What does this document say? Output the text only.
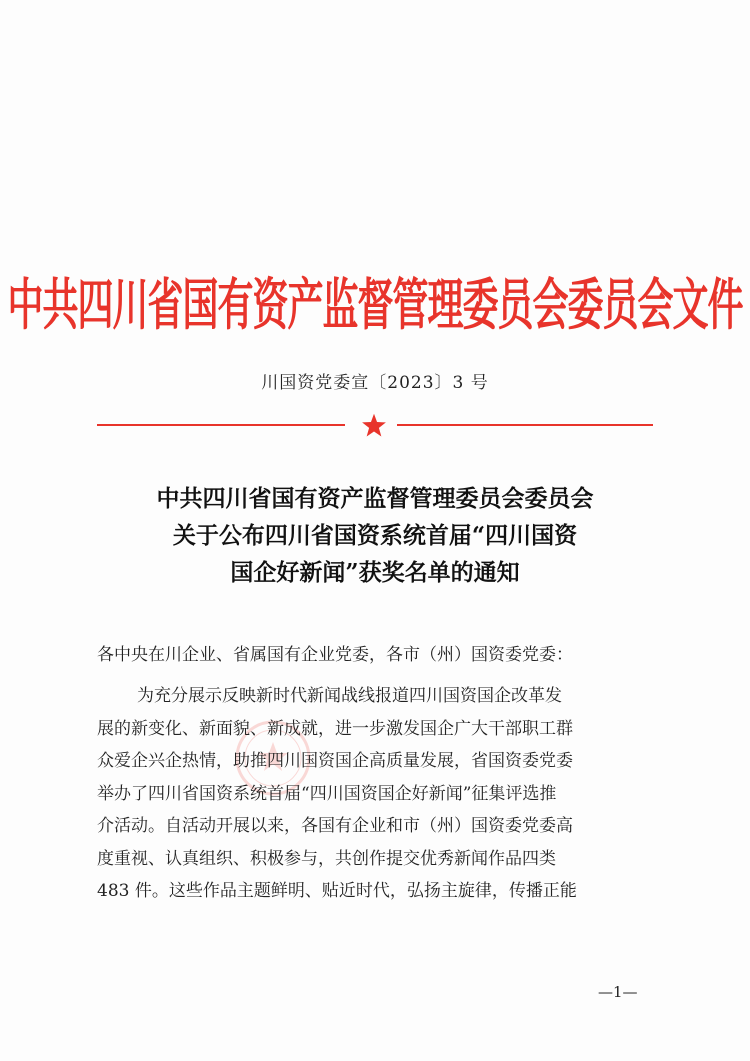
中共四川省国有资产监督管理委员会委员会文件
川国资党委宣〔2023〕3 号
中共四川省国有资产监督管理委员会委员会
关于公布四川省国资系统首届“四川国资
国企好新闻”获奖名单的通知
各中央在川企业、省属国有企业党委，各市（州）国资委党委：
为充分展示反映新时代新闻战线报道四川国资国企改革发
展的新变化、新面貌、新成就，进一步激发国企广大干部职工群
众爱企兴企热情，助推四川国资国企高质量发展，省国资委党委
举办了四川省国资系统首届“四川国资国企好新闻”征集评选推
介活动。自活动开展以来，各国有企业和市（州）国资委党委高
度重视、认真组织、积极参与，共创作提交优秀新闻作品四类
483 件。这些作品主题鲜明、贴近时代，弘扬主旋律，传播正能
—1—
